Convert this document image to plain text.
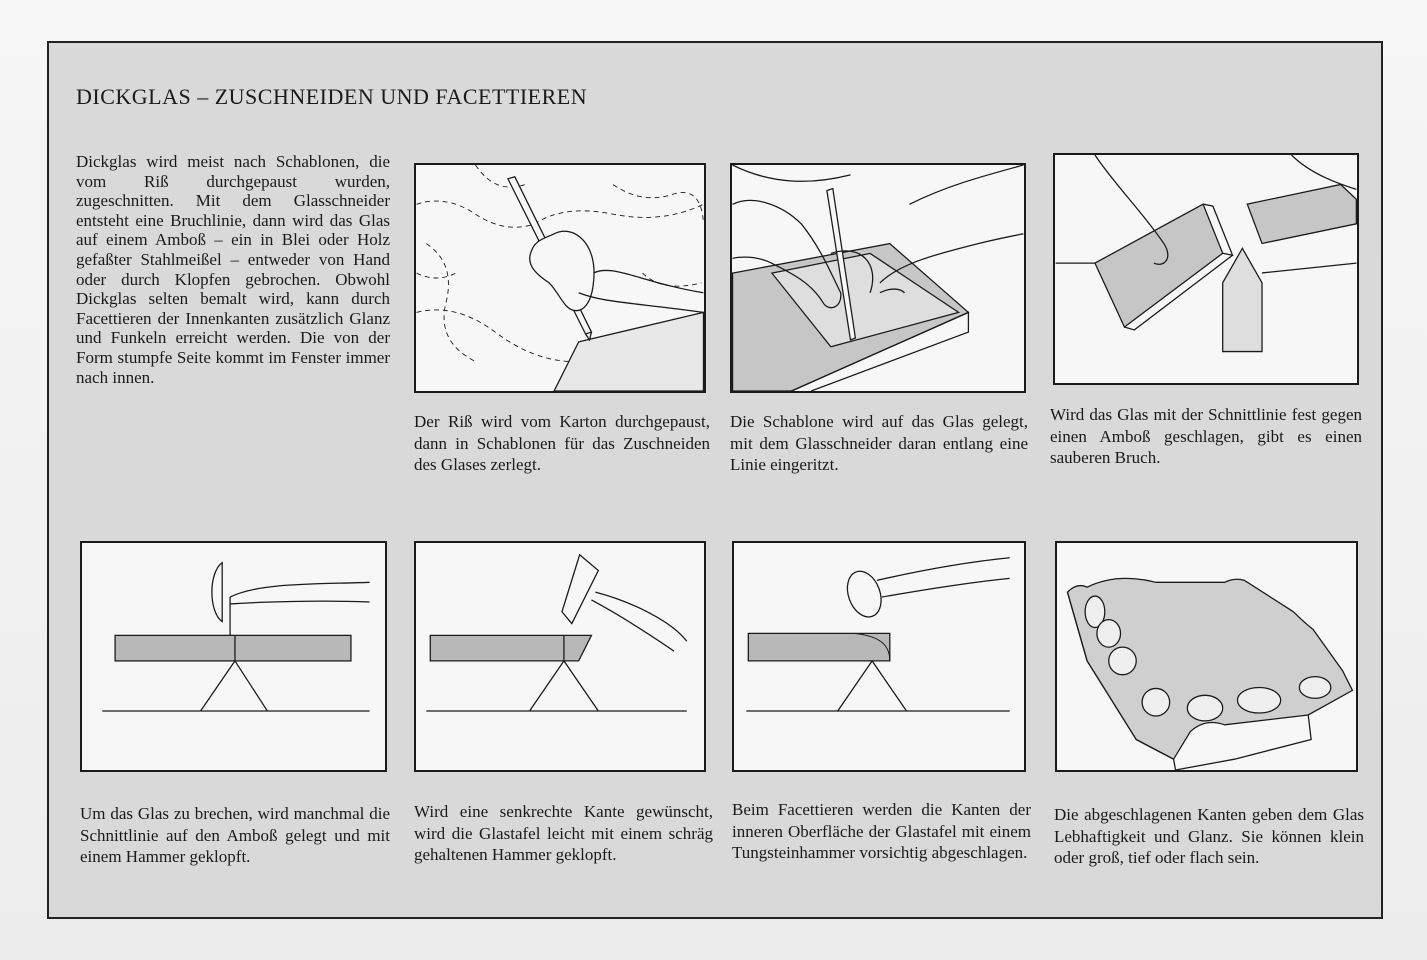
DICKGLAS – ZUSCHNEIDEN UND FACETTIEREN
Dickglas wird meist nach Schablonen, die vom Riß durchgepaust wurden, zugeschnitten. Mit dem Glasschneider entsteht eine Bruchlinie, dann wird das Glas auf einem Amboß – ein in Blei oder Holz gefaßter Stahlmeißel – entweder von Hand oder durch Klopfen gebrochen. Obwohl Dickglas selten bemalt wird, kann durch Facettieren der Innenkanten zusätzlich Glanz und Funkeln erreicht werden. Die von der Form stumpfe Seite kommt im Fenster immer nach innen.
Der Riß wird vom Karton durchgepaust, dann in Schablonen für das Zuschneiden des Glases zerlegt.
Die Schablone wird auf das Glas gelegt, mit dem Glasschneider daran entlang eine Linie eingeritzt.
Wird das Glas mit der Schnittlinie fest gegen einen Amboß geschlagen, gibt es einen sauberen Bruch.
Um das Glas zu brechen, wird manchmal die Schnittlinie auf den Amboß gelegt und mit einem Hammer geklopft.
Wird eine senkrechte Kante gewünscht, wird die Glastafel leicht mit einem schräg gehaltenen Hammer geklopft.
Beim Facettieren werden die Kanten der inneren Oberfläche der Glastafel mit einem Tungsteinhammer vorsichtig abgeschlagen.
Die abgeschlagenen Kanten geben dem Glas Lebhaftigkeit und Glanz. Sie können klein oder groß, tief oder flach sein.
